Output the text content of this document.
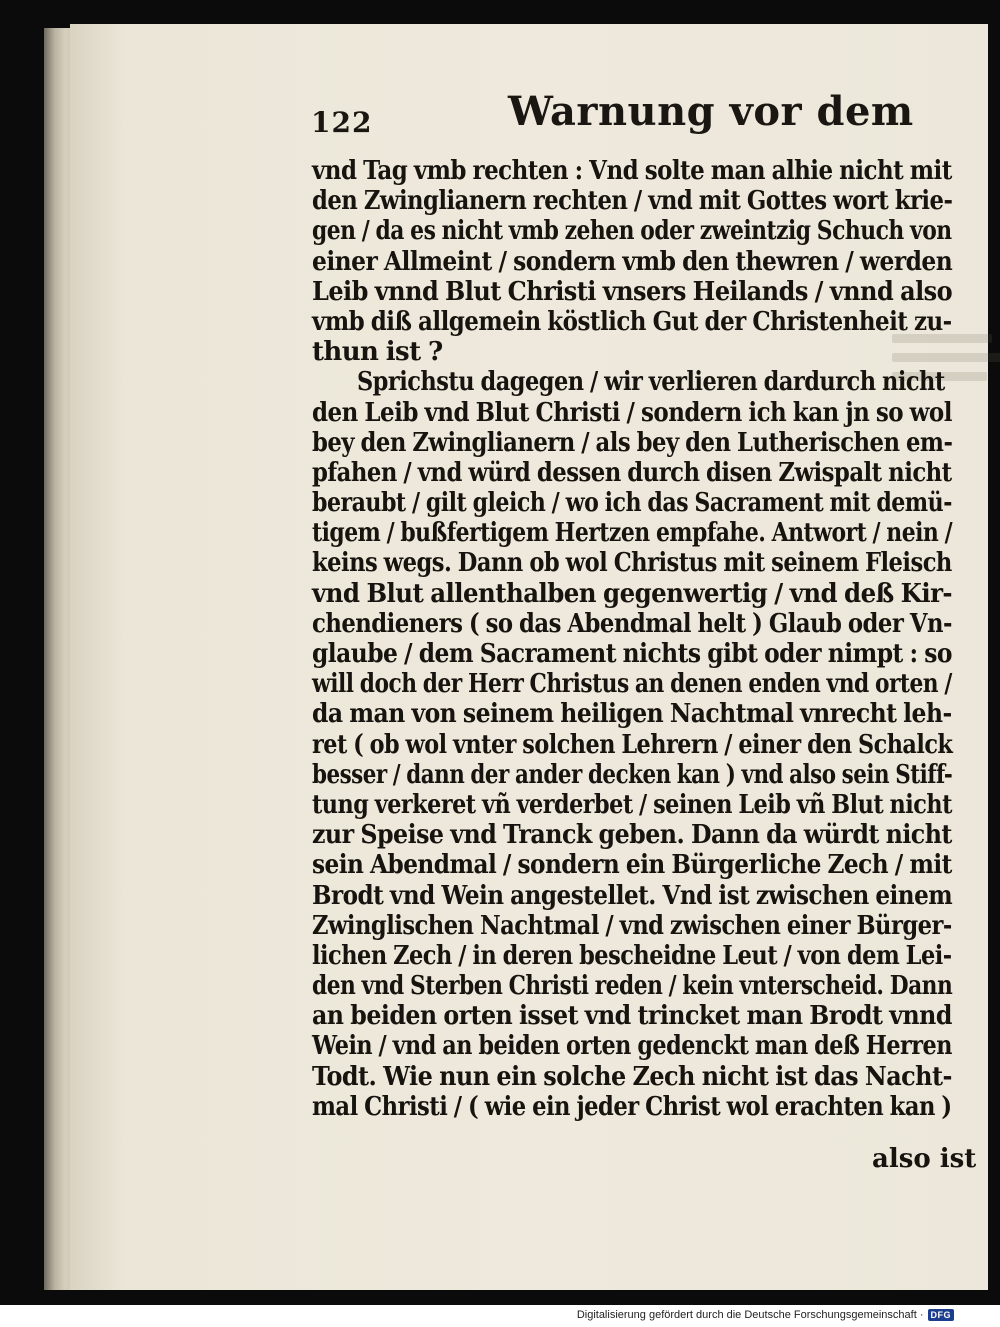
122	Warnung vor dem
vnd Tag vmb rechten : Vnd solte man alhie nicht mit
den Zwinglianern rechten / vnd mit Gottes wort krie-
gen / da es nicht vmb zehen oder zweintzig Schuch von
einer Allmeint / sondern vmb den thewren / werden
Leib vnnd Blut Christi vnsers Heilands / vnnd also
vmb diß allgemein köstlich Gut der Christenheit zu-
thun ist ?
Sprichstu dagegen / wir verlieren dardurch nicht
den Leib vnd Blut Christi / sondern ich kan jn so wol
bey den Zwinglianern / als bey den Lutherischen em-
pfahen / vnd würd dessen durch disen Zwispalt nicht
beraubt / gilt gleich / wo ich das Sacrament mit demü-
tigem / bußfertigem Hertzen empfahe. Antwort / nein /
keins wegs. Dann ob wol Christus mit seinem Fleisch
vnd Blut allenthalben gegenwertig / vnd deß Kir-
chendieners ( so das Abendmal helt ) Glaub oder Vn-
glaube / dem Sacrament nichts gibt oder nimpt : so
will doch der Herr Christus an denen enden vnd orten /
da man von seinem heiligen Nachtmal vnrecht leh-
ret ( ob wol vnter solchen Lehrern / einer den Schalck
besser / dann der ander decken kan ) vnd also sein Stiff-
tung verkeret vñ verderbet / seinen Leib vñ Blut nicht
zur Speise vnd Tranck geben. Dann da würdt nicht
sein Abendmal / sondern ein Bürgerliche Zech / mit
Brodt vnd Wein angestellet. Vnd ist zwischen einem
Zwinglischen Nachtmal / vnd zwischen einer Bürger-
lichen Zech / in deren bescheidne Leut / von dem Lei-
den vnd Sterben Christi reden / kein vnterscheid. Dann
an beiden orten isset vnd trincket man Brodt vnnd
Wein / vnd an beiden orten gedenckt man deß Herren
Todt. Wie nun ein solche Zech nicht ist das Nacht-
mal Christi / ( wie ein jeder Christ wol erachten kan )
also ist
Digitalisierung gefördert durch die Deutsche Forschungsgemeinschaft · DFG
